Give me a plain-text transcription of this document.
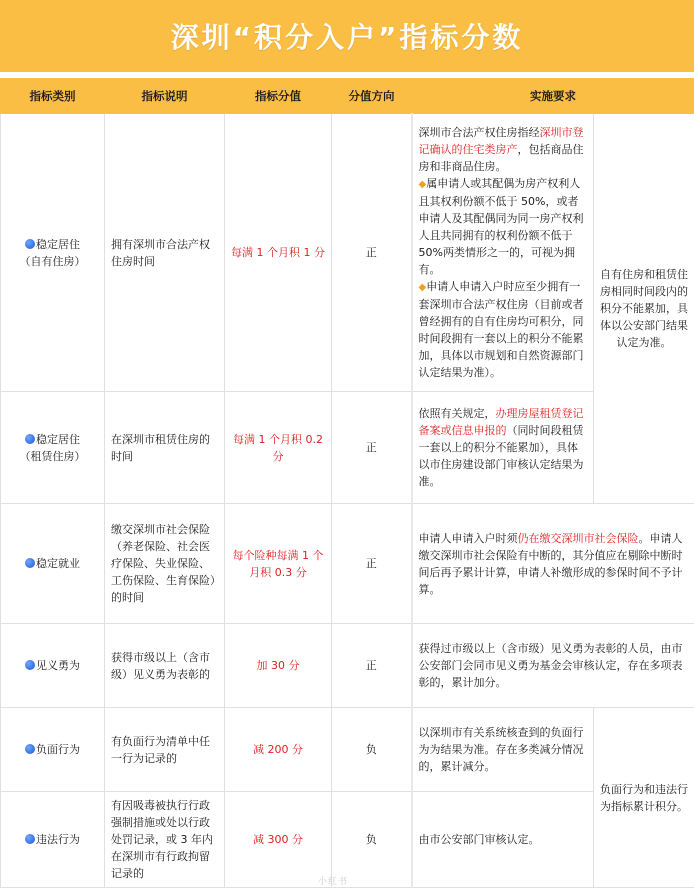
深圳“积分入户”指标分数
指标类别	指标说明	指标分值	分值方向	实施要求	
稳定居住
（自有住房）	拥有深圳市合法产权住房时间	每满 1 个月积 1 分	正	深圳市合法产权住房指经深圳市登记确认的住宅类房产，包括商品住房和非商品住房。
◆属申请人或其配偶为房产权利人且其权利份额不低于 50%，或者申请人及其配偶同为同一房产权利人且共同拥有的权利份额不低于 50%两类情形之一的，可视为拥有。
◆申请人申请入户时应至少拥有一套深圳市合法产权住房（目前或者曾经拥有的自有住房均可积分，同时间段拥有一套以上的积分不能累加，具体以市规划和自然资源部门认定结果为准）。	自有住房和租赁住房相同时间段内的积分不能累加，具体以公安部门结果认定为准。
稳定居住
（租赁住房）	在深圳市租赁住房的时间	每满 1 个月积 0.2 分	正	依照有关规定，办理房屋租赁登记备案或信息申报的（同时间段租赁一套以上的积分不能累加），具体以市住房建设部门审核认定结果为准。	
稳定就业	缴交深圳市社会保险（养老保险、社会医疗保险、失业保险、工伤保险、生育保险）的时间	每个险种每满 1 个月积 0.3 分	正	申请人申请入户时须仍在缴交深圳市社会保险。申请人缴交深圳市社会保险有中断的，其分值应在剔除中断时间后再予累计计算，申请人补缴形成的参保时间不予计算。	
见义勇为	获得市级以上（含市级）见义勇为表彰的	加 30 分	正	获得过市级以上（含市级）见义勇为表彰的人员，由市公安部门会同市见义勇为基金会审核认定，存在多项表彰的，累计加分。	
负面行为	有负面行为清单中任一行为记录的	减 200 分	负	以深圳市有关系统核查到的负面行为为结果为准。存在多类减分情况的，累计减分。	负面行为和违法行为指标累计积分。
违法行为	有因吸毒被执行行政强制措施或处以行政处罚记录，或 3 年内在深圳市有行政拘留记录的	减 300 分	负	由市公安部门审核认定。	
小红书
